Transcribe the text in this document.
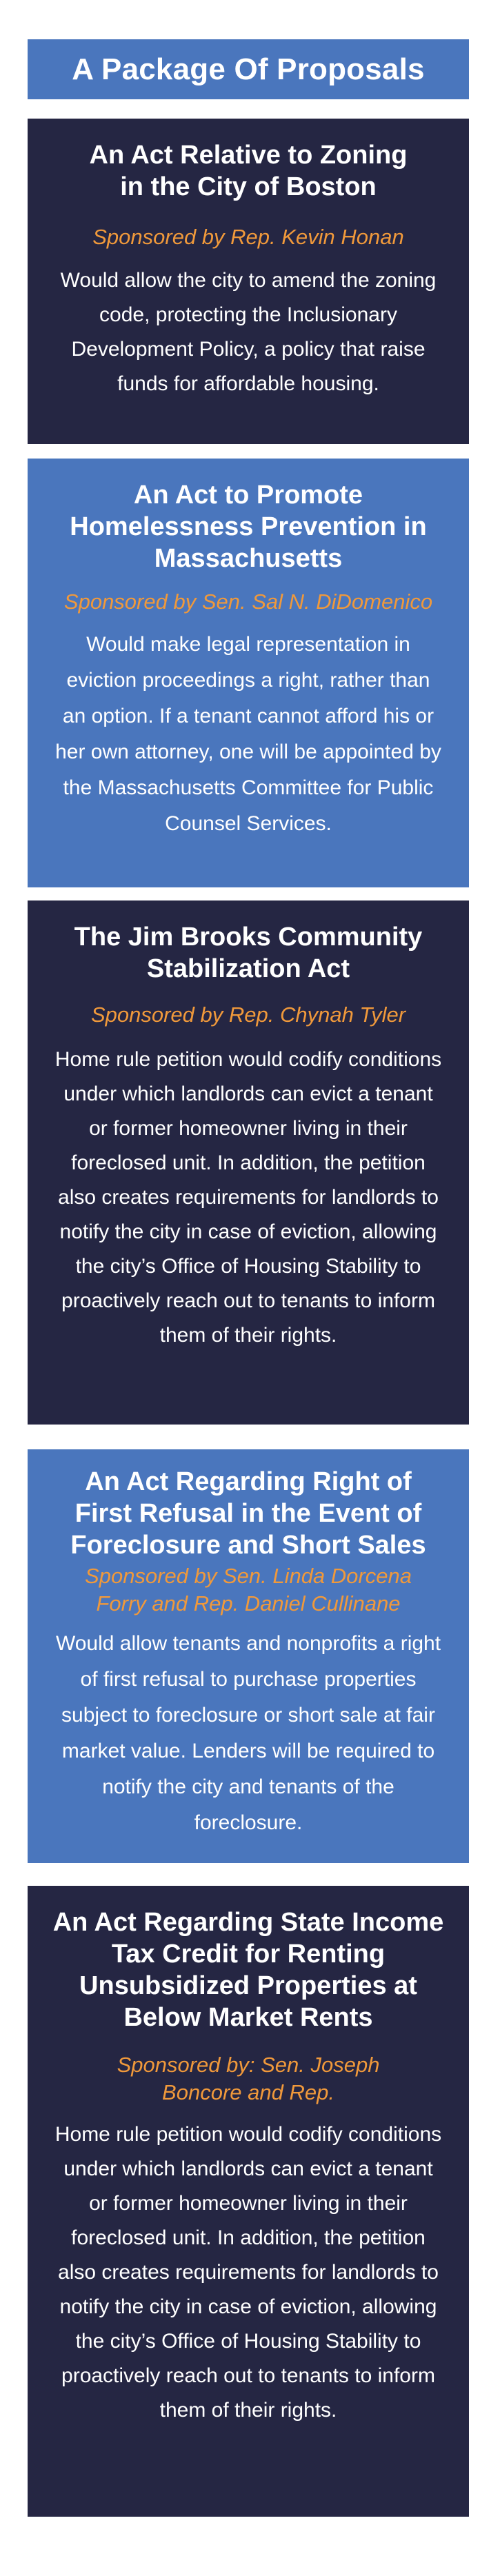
A Package Of Proposals
An Act Relative to Zoning in the City of Boston

Sponsored by Rep. Kevin Honan

Would allow the city to amend the zoning code, protecting the Inclusionary Development Policy, a policy that raise funds for affordable housing.

An Act to Promote Homelessness Prevention in Massachusetts

Sponsored by Sen. Sal N. DiDomenico

Would make legal representation in eviction proceedings a right, rather than an option. If a tenant cannot afford his or her own attorney, one will be appointed by the Massachusetts Committee for Public Counsel Services.

The Jim Brooks Community Stabilization Act

Sponsored by Rep. Chynah Tyler

Home rule petition would codify conditions under which landlords can evict a tenant or former homeowner living in their foreclosed unit. In addition, the petition also creates requirements for landlords to notify the city in case of eviction, allowing the city’s Office of Housing Stability to proactively reach out to tenants to inform them of their rights.

An Act Regarding Right of First Refusal in the Event of Foreclosure and Short Sales

Sponsored by Sen. Linda Dorcena Forry and Rep. Daniel Cullinane

Would allow tenants and nonprofits a right of first refusal to purchase properties subject to foreclosure or short sale at fair market value. Lenders will be required to notify the city and tenants of the foreclosure.

An Act Regarding State Income Tax Credit for Renting Unsubsidized Properties at Below Market Rents

Sponsored by: Sen. Joseph Boncore and Rep.

Home rule petition would codify conditions under which landlords can evict a tenant or former homeowner living in their foreclosed unit. In addition, the petition also creates requirements for landlords to notify the city in case of eviction, allowing the city’s Office of Housing Stability to proactively reach out to tenants to inform them of their rights.
